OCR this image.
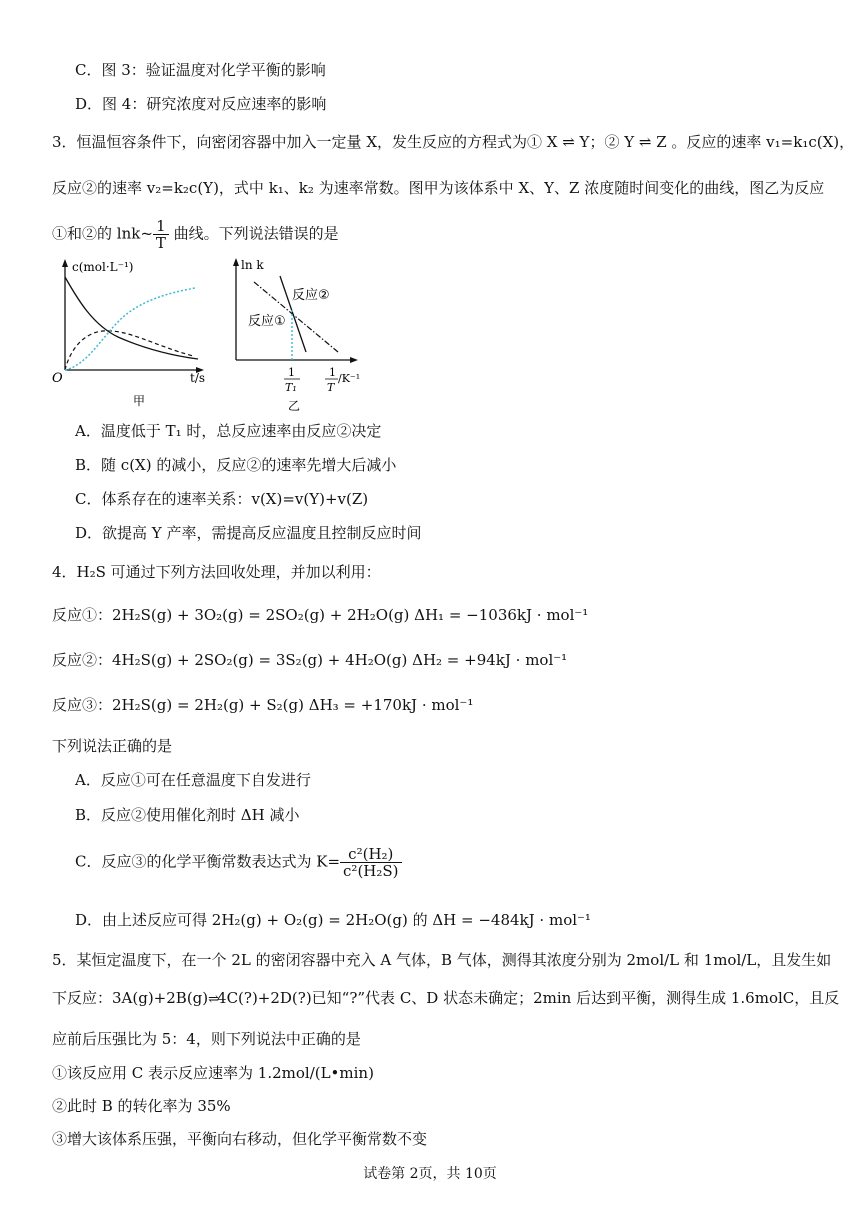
C．图 3：验证温度对化学平衡的影响
D．图 4：研究浓度对反应速率的影响
3．恒温恒容条件下，向密闭容器中加入一定量 X，发生反应的方程式为① X ⇌ Y；② Y ⇌ Z 。反应的速率 v₁=k₁c(X)，
反应②的速率 v₂=k₂c(Y)，式中 k₁、k₂ 为速率常数。图甲为该体系中 X、Y、Z 浓度随时间变化的曲线，图乙为反应
①和②的 lnk~ $\frac{1}{T}$ 曲线。下列说法错误的是
c(mol·L⁻¹)
O	t/s
甲
ln k
反应②
反应①
1
T₁
1
T
/K⁻¹
乙
A．温度低于 T₁ 时，总反应速率由反应②决定
B．随 c(X) 的减小，反应②的速率先增大后减小
C．体系存在的速率关系：v(X)=v(Y)+v(Z)
D．欲提高 Y 产率，需提高反应温度且控制反应时间
4．H₂S 可通过下列方法回收处理，并加以利用：
反应①：2H₂S(g) + 3O₂(g) = 2SO₂(g) + 2H₂O(g) ΔH₁ = −1036kJ · mol⁻¹
反应②：4H₂S(g) + 2SO₂(g) = 3S₂(g) + 4H₂O(g) ΔH₂ = +94kJ · mol⁻¹
反应③：2H₂S(g) = 2H₂(g) + S₂(g) ΔH₃ = +170kJ · mol⁻¹
下列说法正确的是
A．反应①可在任意温度下自发进行
B．反应②使用催化剂时 ΔH 减小
C．反应③的化学平衡常数表达式为 $K= \frac{\text{c²(H₂)}}{\text{c²(H₂S)}}$
D．由上述反应可得 2H₂(g) + O₂(g) = 2H₂O(g) 的 ΔH = −484kJ · mol⁻¹
5．某恒定温度下，在一个 2L 的密闭容器中充入 A 气体，B 气体，测得其浓度分别为 2mol/L 和 1mol/L，且发生如
下反应：3A(g)+2B(g)⇌4C(?)+2D(?)已知“?”代表 C、D 状态未确定；2min 后达到平衡，测得生成 1.6molC，且反
应前后压强比为 5：4，则下列说法中正确的是
①该反应用 C 表示反应速率为 1.2mol/(L•min)
②此时 B 的转化率为 35%
③增大该体系压强，平衡向右移动，但化学平衡常数不变
试卷第 2页，共 10页
